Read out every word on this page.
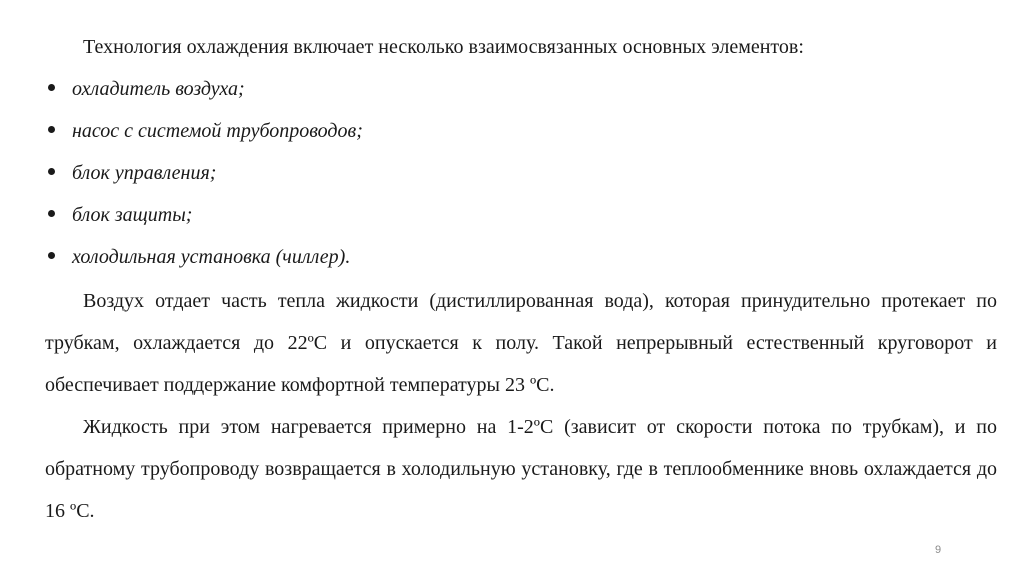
Технология охлаждения включает несколько взаимосвязанных основных элементов:
охладитель воздуха;
насос с системой трубопроводов;
блок управления;
блок защиты;
холодильная установка (чиллер).

Воздух отдает часть тепла жидкости (дистиллированная вода), которая принудительно протекает по трубкам, охлаждается до 22ºС и опускается к полу. Такой непрерывный естественный круговорот и обеспечивает поддержание комфортной температуры 23 ºС.

Жидкость при этом нагревается примерно на 1-2ºС (зависит от скорости потока по трубкам), и по обратному трубопроводу возвращается в холодильную установку, где в теплообменнике вновь охлаждается до 16 ºС.

9
